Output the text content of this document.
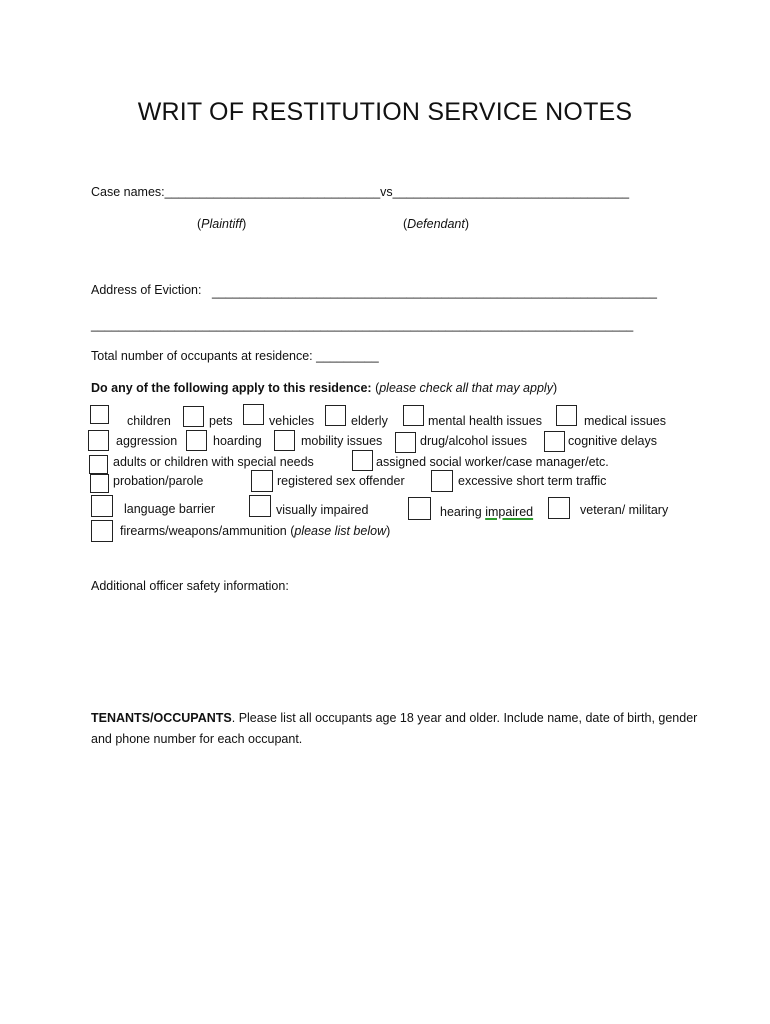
WRIT OF RESTITUTION SERVICE NOTES
Case names:_______________________________vs__________________________________
(Plaintiff)	(Defendant)
Address of Eviction: ________________________________________________________________
______________________________________________________________________________
Total number of occupants at residence: _________
Do any of the following apply to this residence: (please check all that may apply)
children	pets	vehicles	elderly	mental health issues	medical issues
aggression	hoarding	mobility issues	drug/alcohol issues	cognitive delays
adults or children with special needs	assigned social worker/case manager/etc.
probation/parole	registered sex offender	excessive short term traffic
language barrier	visually impaired	hearing impaired	veteran/ military
firearms/weapons/ammunition (please list below)
Additional officer safety information:
TENANTS/OCCUPANTS. Please list all occupants age 18 year and older. Include name, date of birth, gender and phone number for each occupant.
